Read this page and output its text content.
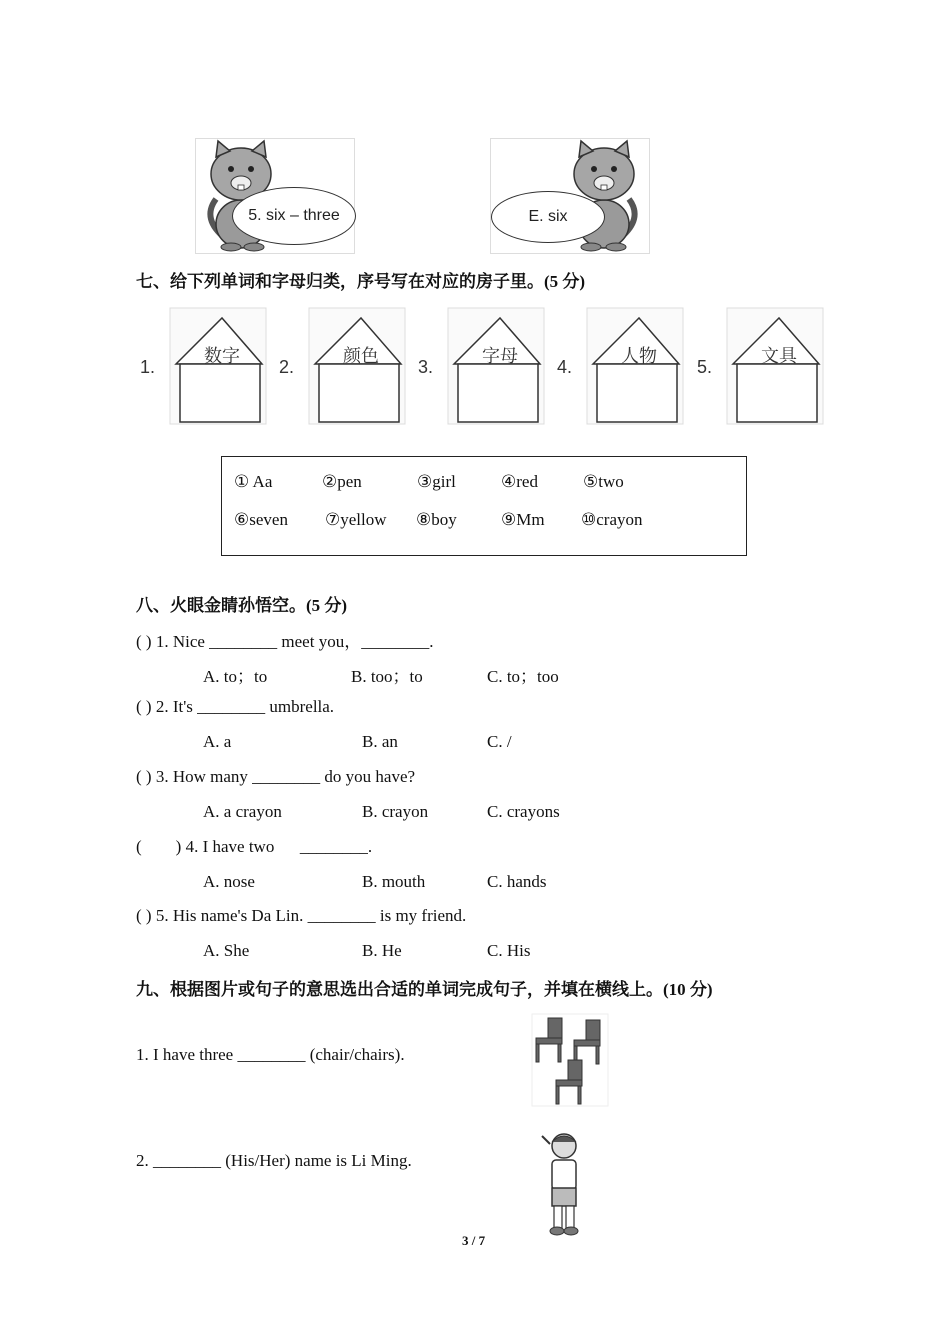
5. six – three	E. six
七、给下列单词和字母归类，序号写在对应的房子里。(5 分)
1.	2.	3.	4.	5.
数字	颜色	字母	人物	文具
① Aa	②pen	③girl	④red	⑤two
⑥seven ⑦yellow ⑧boy	⑨Mm ⑩crayon
八、火眼金睛孙悟空。(5 分)
( ) 1. Nice ________ meet you，________.
A. to；to	B. too；to	C. to；too
( ) 2. It's ________ umbrella.
A. a	B. an	C. /
( ) 3. How many ________ do you have?
A. a crayon	B. crayon	C. crayons
(        ) 4. I have two      ________.
A. nose	B. mouth	C. hands
( ) 5. His name's Da Lin. ________ is my friend.
A. She	B. He	C. His
九、根据图片或句子的意思选出合适的单词完成句子，并填在横线上。(10 分)
1. I have three ________ (chair/chairs).
2. ________ (His/Her) name is Li Ming.
3 / 7
